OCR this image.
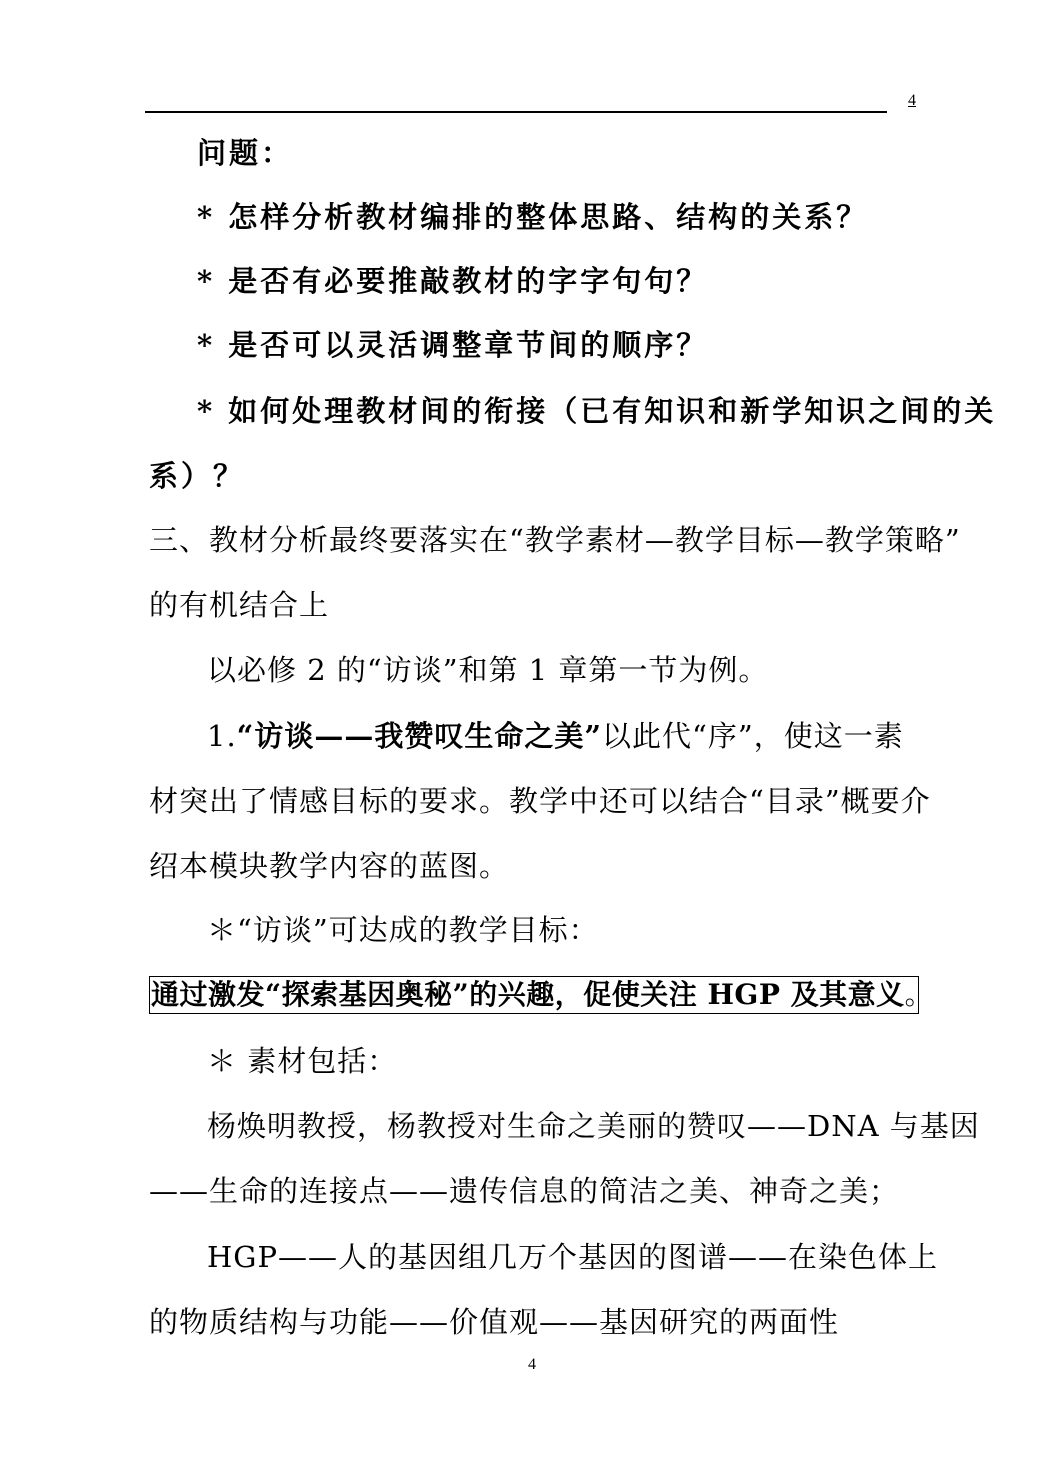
4
问题：
* 怎样分析教材编排的整体思路、结构的关系？
* 是否有必要推敲教材的字字句句？
* 是否可以灵活调整章节间的顺序？
* 如何处理教材间的衔接（已有知识和新学知识之间的关
系）？
三、教材分析最终要落实在“教学素材—教学目标—教学策略”
的有机结合上
以必修 2 的“访谈”和第 1 章第一节为例。
1.“访谈——我赞叹生命之美”以此代“序”，使这一素
材突出了情感目标的要求。教学中还可以结合“目录”概要介
绍本模块教学内容的蓝图。
＊“访谈”可达成的教学目标：
通过激发“探索基因奥秘”的兴趣，促使关注 HGP 及其意义。
＊ 素材包括：
杨焕明教授，杨教授对生命之美丽的赞叹——DNA 与基因
——生命的连接点——遗传信息的简洁之美、神奇之美；
HGP——人的基因组几万个基因的图谱——在染色体上
的物质结构与功能——价值观——基因研究的两面性
4
